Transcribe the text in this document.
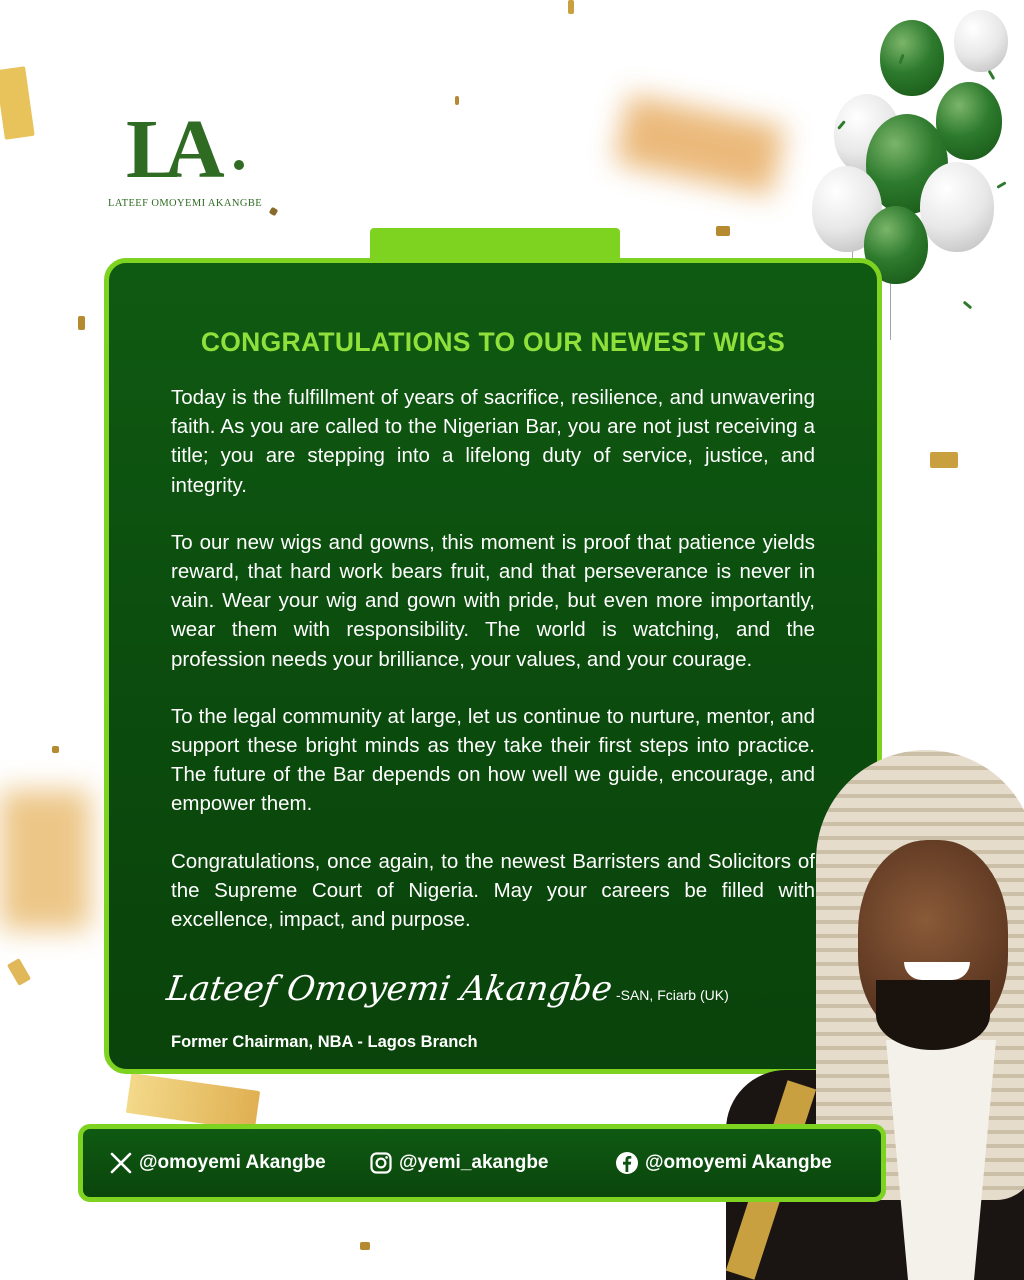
LA
LATEEF OMOYEMI AKANGBE
CONGRATULATIONS TO OUR NEWEST WIGS

Today is the fulfillment of years of sacrifice, resilience, and unwavering faith. As you are called to the Nigerian Bar, you are not just receiving a title; you are stepping into a lifelong duty of service, justice, and integrity.

To our new wigs and gowns, this moment is proof that patience yields reward, that hard work bears fruit, and that perseverance is never in vain. Wear your wig and gown with pride, but even more importantly, wear them with responsibility. The world is watching, and the profession needs your brilliance, your values, and your courage.

To the legal community at large, let us continue to nurture, mentor, and support these bright minds as they take their first steps into practice. The future of the Bar depends on how well we guide, encourage, and empower them.

Congratulations, once again, to the newest Barristers and Solicitors of the Supreme Court of Nigeria. May your careers be filled with excellence, impact, and purpose.

Lateef Omoyemi Akangbe-SAN, Fciarb (UK)
Former Chairman, NBA - Lagos Branch
@omoyemi Akangbe	@yemi_akangbe	@omoyemi Akangbe
